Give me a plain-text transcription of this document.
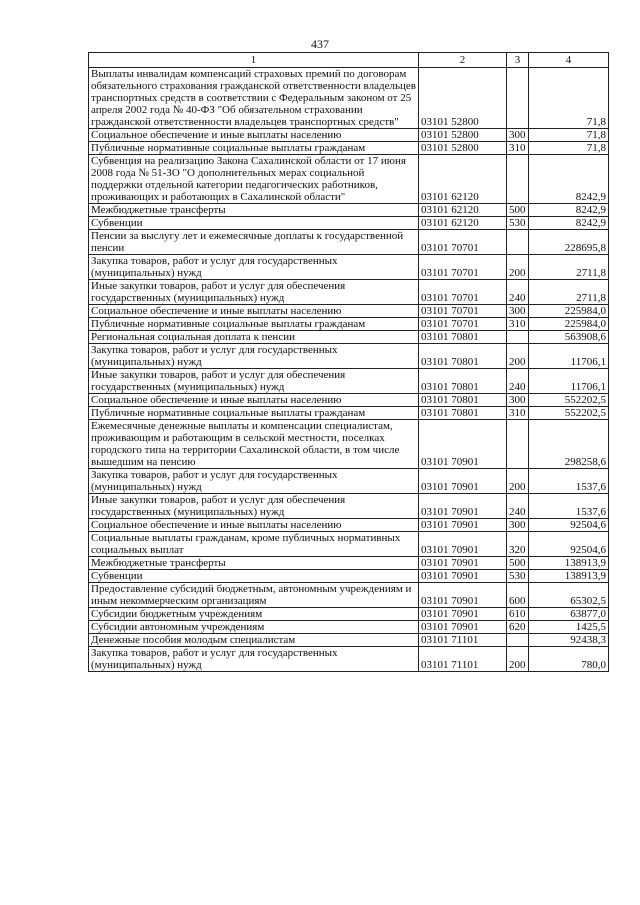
437
1	2	3	4
Выплаты инвалидам компенсаций страховых премий по договорам обязательного страхования гражданской ответственности владельцев транспортных средств в соответствии с Федеральным законом от 25 апреля 2002 года № 40-ФЗ "Об обязательном страховании гражданской ответственности владельцев транспортных средств"	03101 52800		71,8
Социальное обеспечение и иные выплаты населению	03101 52800	300	71,8
Публичные нормативные социальные выплаты гражданам	03101 52800	310	71,8
Субвенция на реализацию Закона Сахалинской области от 17 июня 2008 года № 51-ЗО "О дополнительных мерах социальной поддержки отдельной категории педагогических работников, проживающих и работающих в Сахалинской области"	03101 62120		8242,9
Межбюджетные трансферты	03101 62120	500	8242,9
Субвенции	03101 62120	530	8242,9
Пенсии за выслугу лет и ежемесячные доплаты к государственной пенсии	03101 70701		228695,8
Закупка товаров, работ и услуг для государственных (муниципальных) нужд	03101 70701	200	2711,8
Иные закупки товаров, работ и услуг для обеспечения государственных (муниципальных) нужд	03101 70701	240	2711,8
Социальное обеспечение и иные выплаты населению	03101 70701	300	225984,0
Публичные нормативные социальные выплаты гражданам	03101 70701	310	225984,0
Региональная социальная доплата к пенсии	03101 70801		563908,6
Закупка товаров, работ и услуг для государственных (муниципальных) нужд	03101 70801	200	11706,1
Иные закупки товаров, работ и услуг для обеспечения государственных (муниципальных) нужд	03101 70801	240	11706,1
Социальное обеспечение и иные выплаты населению	03101 70801	300	552202,5
Публичные нормативные социальные выплаты гражданам	03101 70801	310	552202,5
Ежемесячные денежные выплаты и компенсации специалистам, проживающим и работающим в сельской местности, поселках городского типа на территории Сахалинской области, в том числе вышедшим на пенсию	03101 70901		298258,6
Закупка товаров, работ и услуг для государственных (муниципальных) нужд	03101 70901	200	1537,6
Иные закупки товаров, работ и услуг для обеспечения государственных (муниципальных) нужд	03101 70901	240	1537,6
Социальное обеспечение и иные выплаты населению	03101 70901	300	92504,6
Социальные выплаты гражданам, кроме публичных нормативных социальных выплат	03101 70901	320	92504,6
Межбюджетные трансферты	03101 70901	500	138913,9
Субвенции	03101 70901	530	138913,9
Предоставление субсидий бюджетным, автономным учреждениям и иным некоммерческим организациям	03101 70901	600	65302,5
Субсидии бюджетным учреждениям	03101 70901	610	63877,0
Субсидии автономным учреждениям	03101 70901	620	1425,5
Денежные пособия молодым специалистам	03101 71101		92438,3
Закупка товаров, работ и услуг для государственных (муниципальных) нужд	03101 71101	200	780,0
